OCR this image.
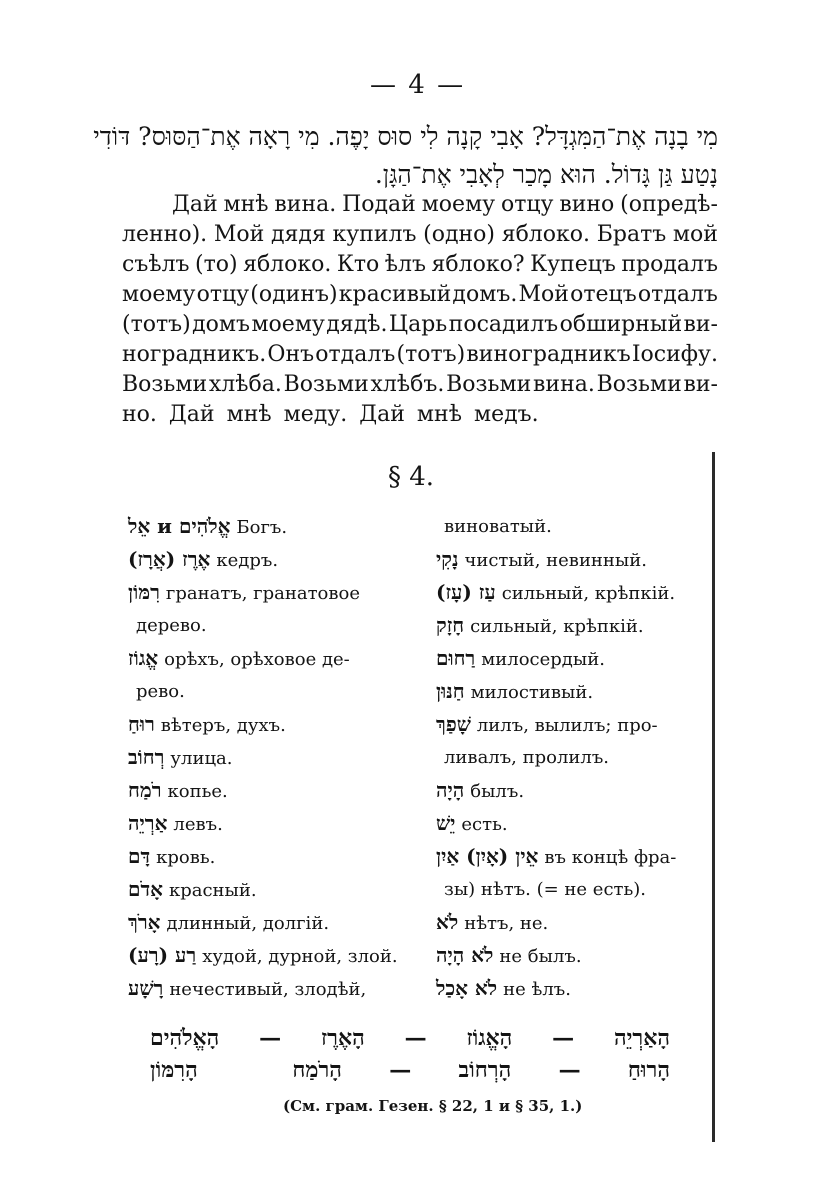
— 4 —
מִי בָנָה אֶת־הַמִּגְדָּל? אָבִי קָנָה לִי סוּס יָפֶה. מִי רָאָה אֶת־הַסּוּס? דּוֹדִי
נָטַע גַּן גָּדוֹל. הוּא מָכַר לְאָבִי אֶת־הַגָּן.
Дай мнѣ вина. Подай моему отцу вино (опредѣ-
ленно). Мой дядя купилъ (одно) яблоко. Братъ мой
съѣлъ (то) яблоко. Кто ѣлъ яблоко? Купецъ продалъ
моему отцу (одинъ) красивый домъ. Мой отецъ отдалъ
(тотъ) домъ моему дядѣ. Царь посадилъ обширный ви-
ноградникъ. Онъ отдалъ (тотъ) виноградникъ Іосифу.
Возьми хлѣба. Возьми хлѣбъ. Возьми вина. Возьми ви-
но. Дай мнѣ меду. Дай мнѣ медъ.
§ 4.
אֱלֹהִים и אֵל Богъ.
אֶרֶז (אֲרָז) кедръ.
רִמּוֹן гранатъ, гранатовое
дерево.
אֱגוֹז орѣхъ, орѣховое де-
рево.
רוּחַ вѣтеръ, духъ.
רְחוֹב улица.
רֹמַח копье.
אַרְיֵה левъ.
דָּם кровь.
אָדֹם красный.
אָרֹךְ длинный, долгій.
רַע (רָע) худой, дурной, злой.
רָשָׁע нечестивый, злодѣй,
виноватый.
נָקִי чистый, невинный.
עַז (עָז) сильный, крѣпкій.
חָזָק сильный, крѣпкій.
רַחוּם милосердый.
חַנּוּן милостивый.
שָׁפַךְ лилъ, вылилъ; про-
ливалъ, пролилъ.
הָיָה былъ.
יֵשׁ есть.
אֵין (אָיִן) אַיִן въ концѣ фра-
зы) нѣтъ. (= не есть).
לֹא нѣтъ, не.
לֹא הָיָה не былъ.
לֹא אָכַל не ѣлъ.
הָאַרְיֵה
—
הָאֱגוֹז
—
הָאֶרֶז
—
הָאֱלֹהִים
הָרוּחַ
—
הָרְחוֹב
—
הָרֹמַח
הָרִמּוֹן
(См. грам. Гезен. § 22, 1 и § 35, 1.)
